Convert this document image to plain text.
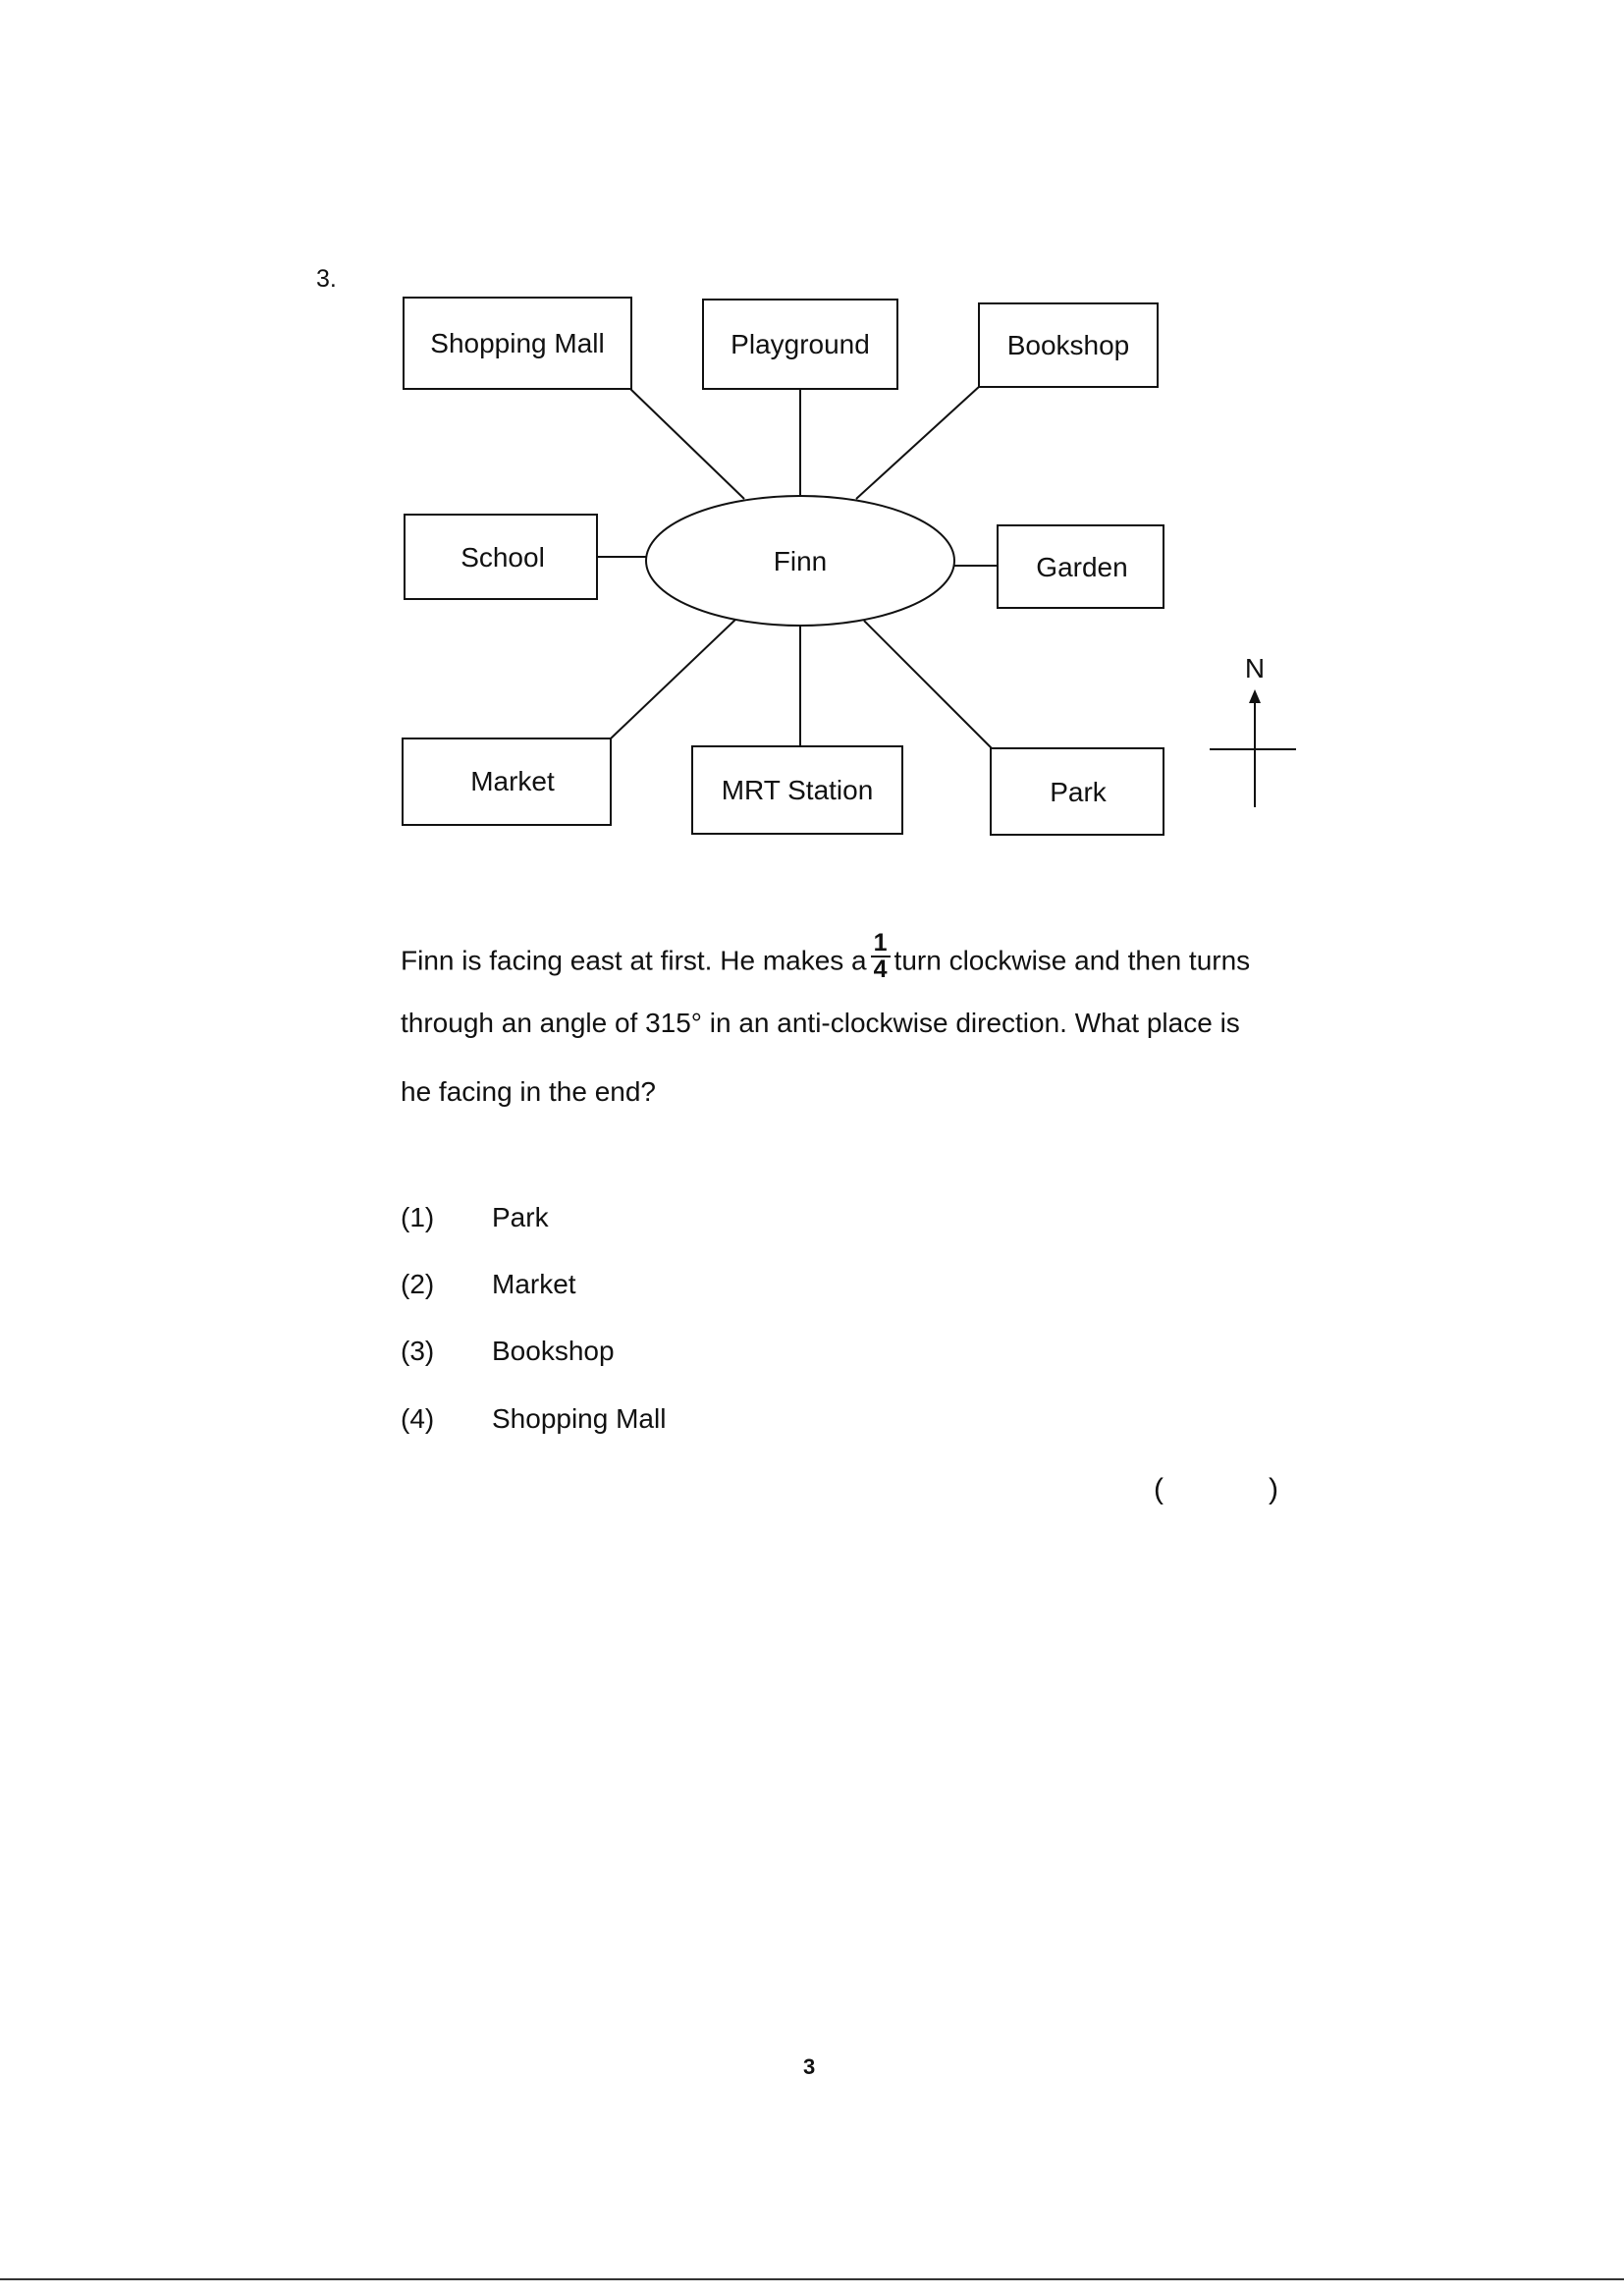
3.
Finn
Shopping Mall	Playground	Bookshop
School	Garden
Market	MRT Station	Park
N
Finn is facing east at first. He makes a $\frac{1}{4}$ turn clockwise and then turns
through an angle of 315° in an anti-clockwise direction. What place is
he facing in the end?
(1) Park
(2) Market
(3) Bookshop
(4) Shopping Mall
(	)
3
